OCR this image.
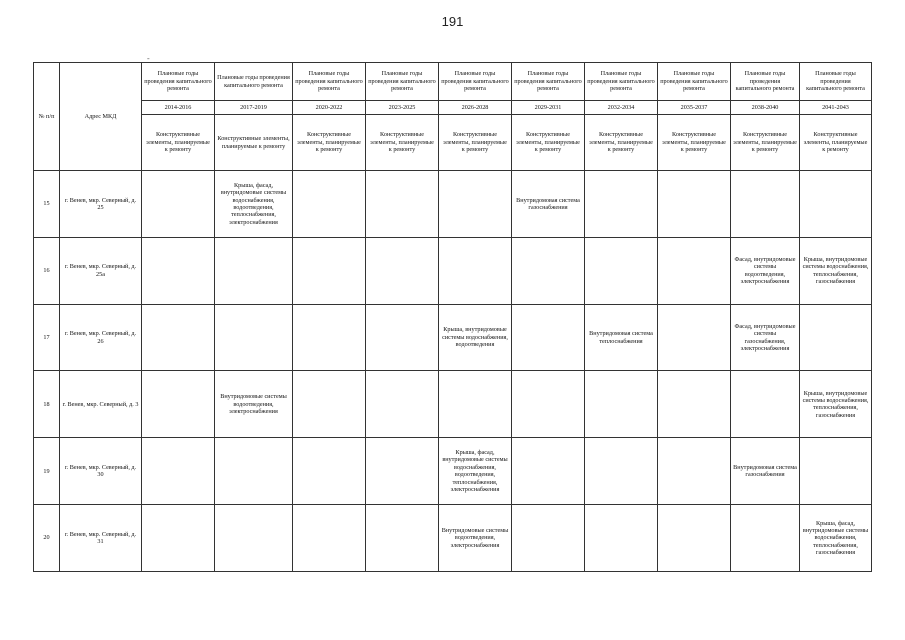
191
-
№ п/п	Адрес МКД	Плановые годы проведения капитального ремонта	Плановые годы проведения капитального ремонта	Плановые годы проведения капитального ремонта	Плановые годы проведения капитального ремонта	Плановые годы проведения капитального ремонта	Плановые годы проведения капитального ремонта	Плановые годы проведения капитального ремонта	Плановые годы проведения капитального ремонта	Плановые годы проведения капитального ремонта	Плановые годы проведения капитального ремонта
		2014-2016	2017-2019	2020-2022	2023-2025	2026-2028	2029-2031	2032-2034	2035-2037	2038-2040	2041-2043
		Конструктивные элементы, планируемые к ремонту	Конструктивные элементы, планируемые к ремонту	Конструктивные элементы, планируемые к ремонту	Конструктивные элементы, планируемые к ремонту	Конструктивные элементы, планируемые к ремонту	Конструктивные элементы, планируемые к ремонту	Конструктивные элементы, планируемые к ремонту	Конструктивные элементы, планируемые к ремонту	Конструктивные элементы, планируемые к ремонту	Конструктивные элементы, планируемые к ремонту
15	г. Венев, мкр. Северный, д. 25		Крыша, фасад, внутридомовые системы водоснабжения, водоотведения, теплоснабжения, электроснабжения				Внутридомовая система газоснабжения				
16	г. Венев, мкр. Северный, д. 25а									Фасад, внутридомовые системы водоотведения, электроснабжения	Крыша, внутридомовые системы водоснабжения, теплоснабжения, газоснабжения
17	г. Венев, мкр. Северный, д. 26					Крыша, внутридомовые системы водоснабжения, водоотведения		Внутридомовая система теплоснабжения		Фасад, внутридомовые системы газоснабжения, электроснабжения	
18	г. Венев, мкр. Северный, д. 3		Внутридомовые системы водоотведения, электроснабжения								Крыша, внутридомовые системы водоснабжения, теплоснабжения, газоснабжения
19	г. Венев, мкр. Северный, д. 30					Крыша, фасад, внутридомовые системы водоснабжения, водоотведения, теплоснабжения, электроснабжения				Внутридомовая система газоснабжения	
20	г. Венев, мкр. Северный, д. 31					Внутридомовые системы водоотведения, электроснабжения					Крыша, фасад, внутридомовые системы водоснабжения, теплоснабжения, газоснабжения
